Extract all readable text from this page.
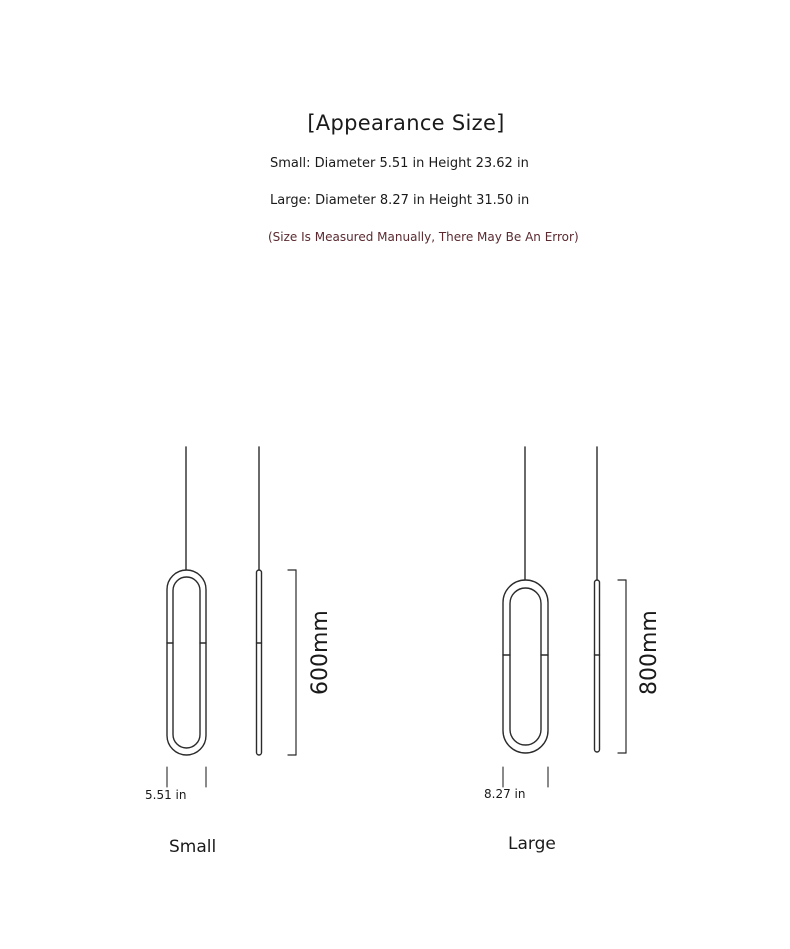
[Appearance Size]
Small: Diameter 5.51 in Height 23.62 in
Large: Diameter 8.27 in Height 31.50 in
(Size Is Measured Manually, There May Be An Error)
600mm	800mm
5.51 in	8.27 in
Small	Large
